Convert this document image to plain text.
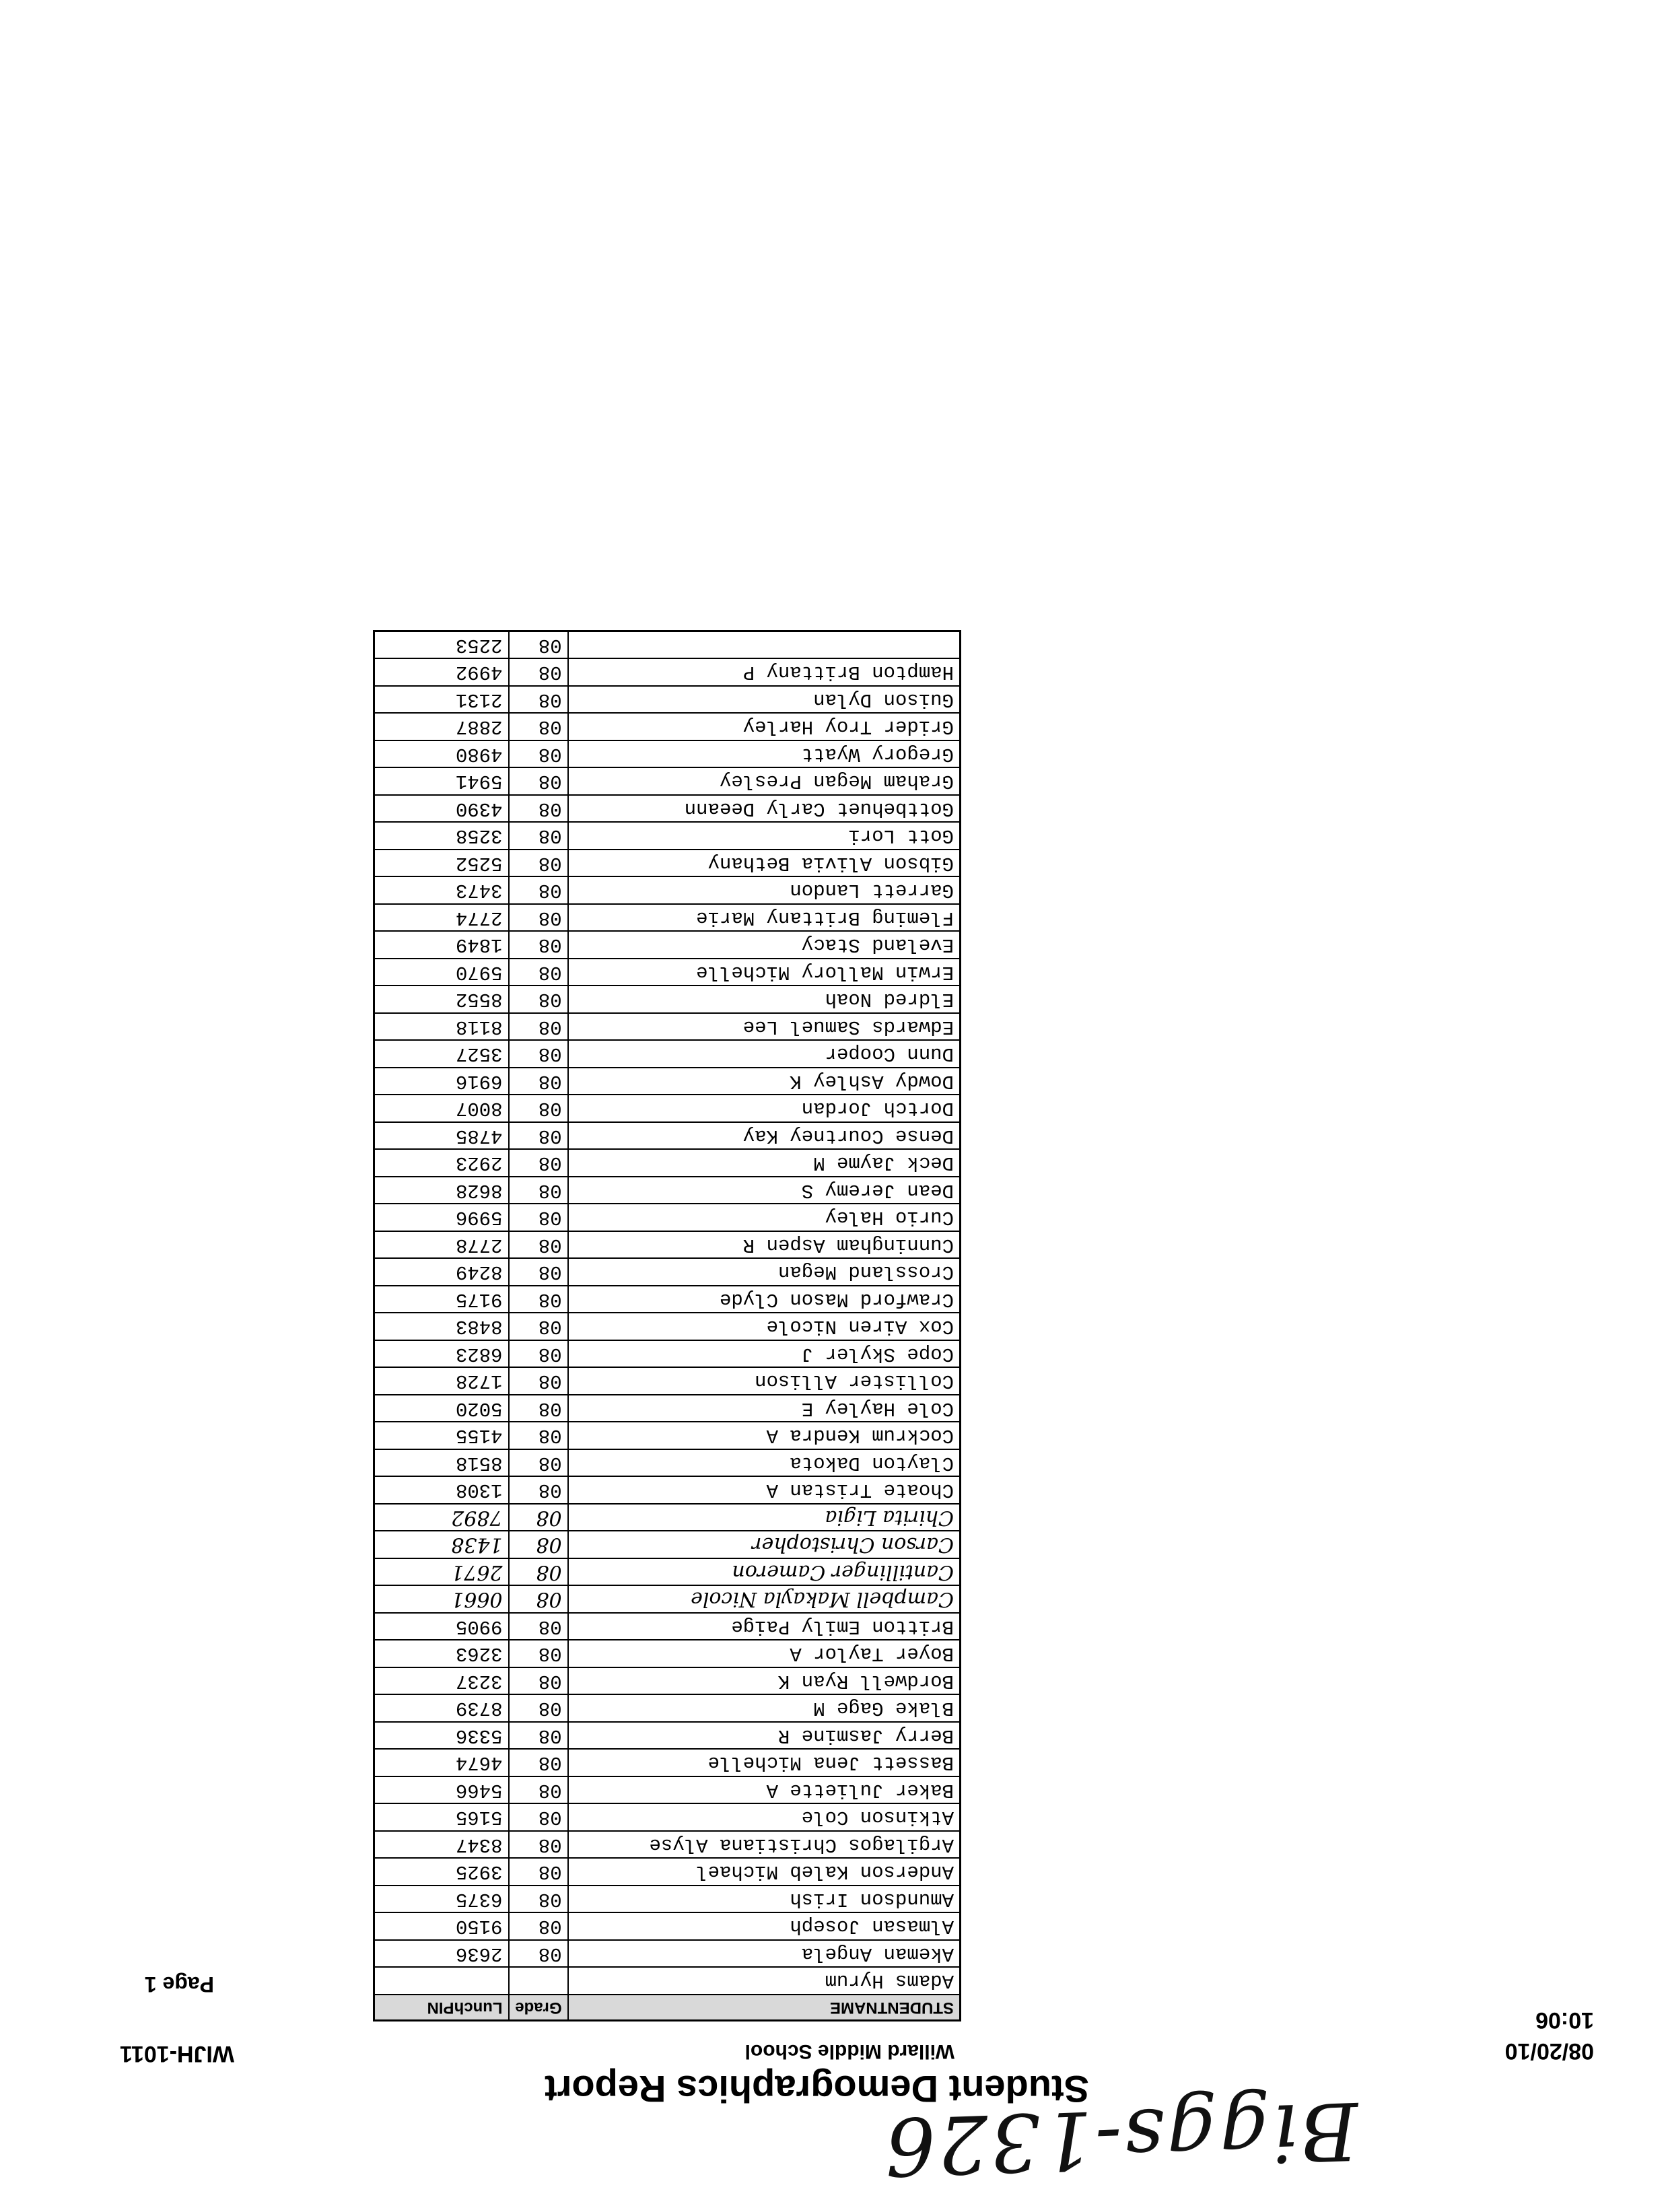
08/20/10
10:06
Biggs-1326
Student Demographics Report
Willard Middle School
WIJH-1011
Page 1
STUDENTNAME	Grade	LunchPIN
Adams Hyrum		
Akeman Angela	08	2636
Almasan Joseph	08	9150
Amundson Irish	08	6375
Anderson Kaleb Michael	08	3925
Argilagos Christiana Alyse	08	8347
Atkinson Cole	08	5165
Baker Juliette A	08	5466
Bassett Jena Michelle	08	4674
Berry Jasmine R	08	5336
Blake Gage M	08	8739
Bordwell Ryan K	08	3237
Boyer Taylor A	08	3263
Britton Emily Paige	08	9905
Campbell Makayla Nicole	08	0661
Cantillinger Cameron	08	2671
Carson Christopher	08	1438
Chirita Ligia	08	7892
Choate Tristan A	08	1308
Clayton Dakota	08	8518
Cockrum Kendra A	08	4155
Cole Hayley E	08	5020
Collister Allison	08	1728
Cope Skyler J	08	6823
Cox Airen Nicole	08	8483
Crawford Mason Clyde	08	9175
Crossland Megan	08	8249
Cunningham Aspen R	08	2778
Curio Haley	08	5996
Dean Jeremy S	08	8628
Deck Jayme M	08	2923
Dense Courtney Kay	08	4785
Dortch Jordan	08	8007
Dowdy Ashley K	08	6916
Dunn Cooper	08	3527
Edwards Samuel Lee	08	8118
Eldred Noah	08	8552
Erwin Mallory Michelle	08	5970
Eveland Stacy	08	1849
Fleming Brittany Marie	08	2774
Garrett Landon	08	3473
Gibson Alivia Bethany	08	5252
Gott Lori	08	3258
Gottbehuet Carly Deeann	08	4390
Graham Megan Presley	08	5941
Gregory Wyatt	08	4980
Grider Troy Harley	08	2887
Guison Dylan	08	2131
Hampton Brittany P	08	4992
	08	2253
